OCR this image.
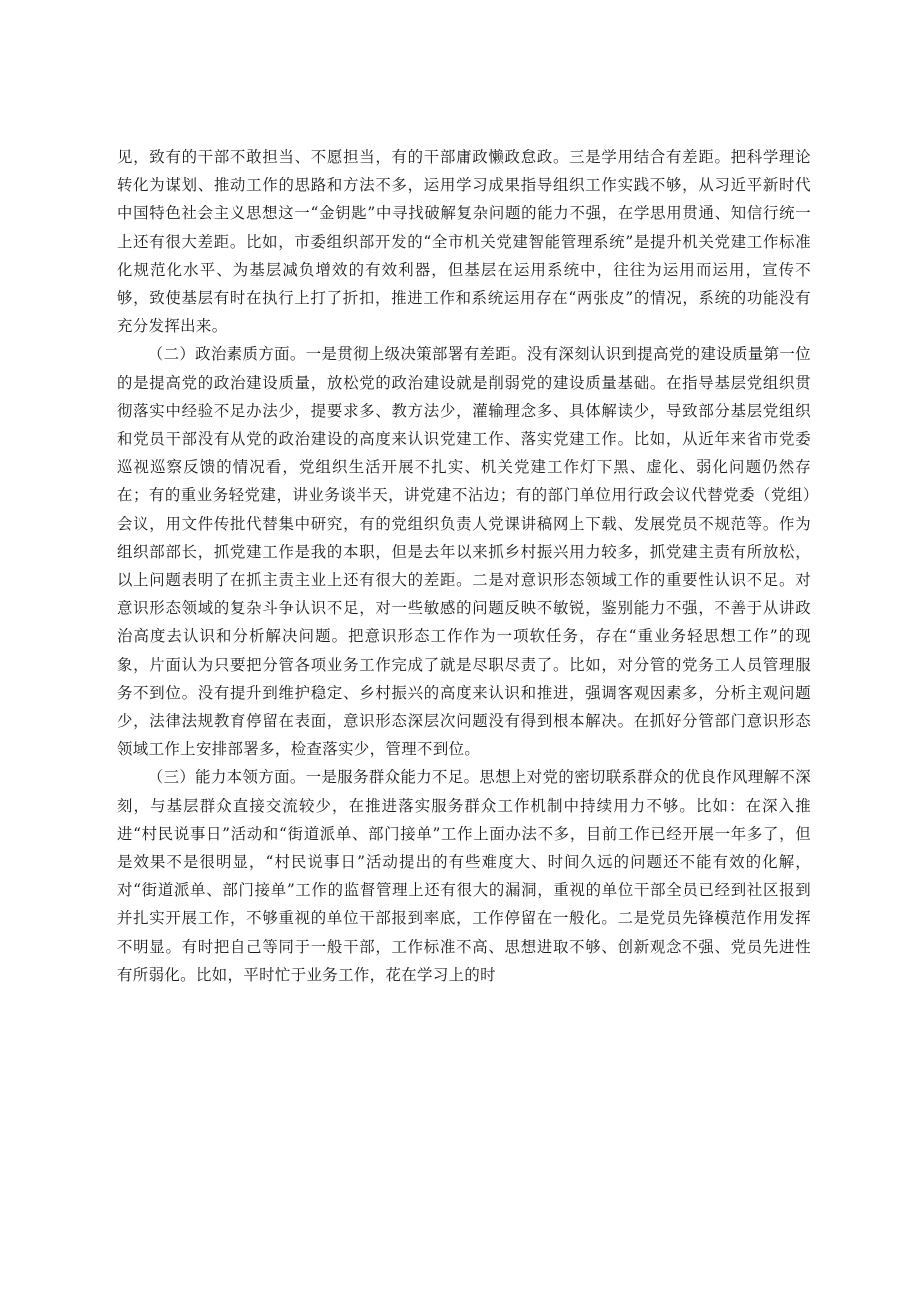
见，致有的干部不敢担当、不愿担当，有的干部庸政懒政怠政。三是学用结合有差距。把科学理论转化为谋划、推动工作的思路和方法不多，运用学习成果指导组织工作实践不够，从习近平新时代中国特色社会主义思想这一“金钥匙”中寻找破解复杂问题的能力不强，在学思用贯通、知信行统一上还有很大差距。比如，市委组织部开发的“全市机关党建智能管理系统”是提升机关党建工作标准化规范化水平、为基层减负增效的有效利器，但基层在运用系统中，往往为运用而运用，宣传不够，致使基层有时在执行上打了折扣，推进工作和系统运用存在“两张皮”的情况，系统的功能没有充分发挥出来。

（二）政治素质方面。一是贯彻上级决策部署有差距。没有深刻认识到提高党的建设质量第一位的是提高党的政治建设质量，放松党的政治建设就是削弱党的建设质量基础。在指导基层党组织贯彻落实中经验不足办法少，提要求多、教方法少，灌输理念多、具体解读少，导致部分基层党组织和党员干部没有从党的政治建设的高度来认识党建工作、落实党建工作。比如，从近年来省市党委巡视巡察反馈的情况看，党组织生活开展不扎实、机关党建工作灯下黑、虚化、弱化问题仍然存在；有的重业务轻党建，讲业务谈半天，讲党建不沾边；有的部门单位用行政会议代替党委（党组）会议，用文件传批代替集中研究，有的党组织负责人党课讲稿网上下载、发展党员不规范等。作为组织部部长，抓党建工作是我的本职，但是去年以来抓乡村振兴用力较多，抓党建主责有所放松，以上问题表明了在抓主责主业上还有很大的差距。二是对意识形态领域工作的重要性认识不足。对意识形态领域的复杂斗争认识不足，对一些敏感的问题反映不敏锐，鉴别能力不强，不善于从讲政治高度去认识和分析解决问题。把意识形态工作作为一项软任务，存在“重业务轻思想工作”的现象，片面认为只要把分管各项业务工作完成了就是尽职尽责了。比如，对分管的党务工人员管理服务不到位。没有提升到维护稳定、乡村振兴的高度来认识和推进，强调客观因素多，分析主观问题少，法律法规教育停留在表面，意识形态深层次问题没有得到根本解决。在抓好分管部门意识形态领域工作上安排部署多，检查落实少，管理不到位。

（三）能力本领方面。一是服务群众能力不足。思想上对党的密切联系群众的优良作风理解不深刻，与基层群众直接交流较少，在推进落实服务群众工作机制中持续用力不够。比如：在深入推进“村民说事日”活动和“街道派单、部门接单”工作上面办法不多，目前工作已经开展一年多了，但是效果不是很明显，“村民说事日”活动提出的有些难度大、时间久远的问题还不能有效的化解，对“街道派单、部门接单”工作的监督管理上还有很大的漏洞，重视的单位干部全员已经到社区报到并扎实开展工作，不够重视的单位干部报到率底，工作停留在一般化。二是党员先锋模范作用发挥不明显。有时把自己等同于一般干部，工作标准不高、思想进取不够、创新观念不强、党员先进性有所弱化。比如，平时忙于业务工作，花在学习上的时
